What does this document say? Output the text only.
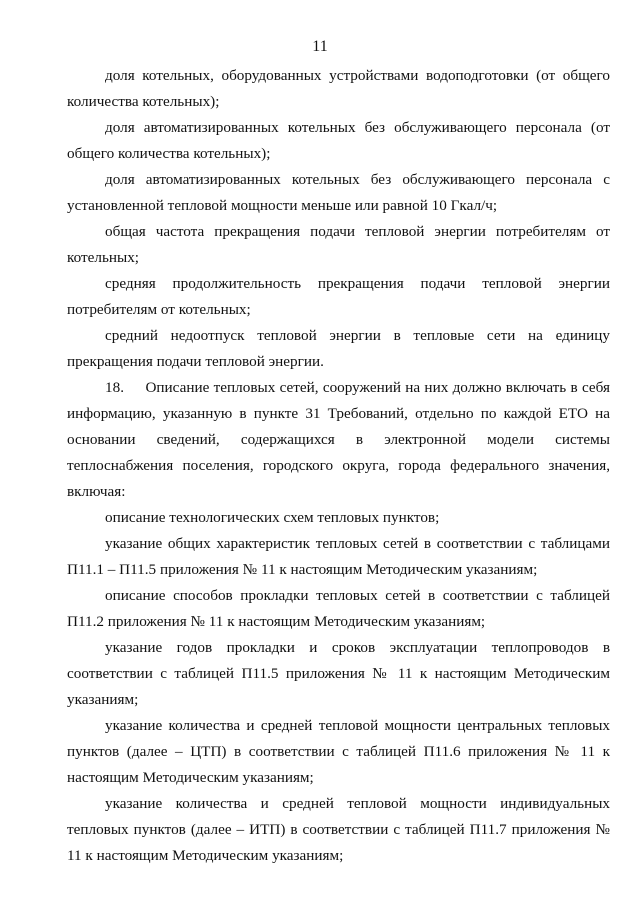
11

доля котельных, оборудованных устройствами водоподготовки (от общего количества котельных);

доля автоматизированных котельных без обслуживающего персонала (от общего количества котельных);

доля автоматизированных котельных без обслуживающего персонала с установленной тепловой мощности меньше или равной 10 Гкал/ч;

общая частота прекращения подачи тепловой энергии потребителям от котельных;

средняя продолжительность прекращения подачи тепловой энергии потребителям от котельных;

средний недоотпуск тепловой энергии в тепловые сети на единицу прекращения подачи тепловой энергии.

18.     Описание тепловых сетей, сооружений на них должно включать в себя информацию, указанную в пункте 31 Требований, отдельно по каждой ЕТО на основании сведений, содержащихся в электронной модели системы теплоснабжения поселения, городского округа, города федерального значения, включая:

описание технологических схем тепловых пунктов;

указание общих характеристик тепловых сетей в соответствии с таблицами П11.1 – П11.5 приложения № 11 к настоящим Методическим указаниям;

описание способов прокладки тепловых сетей в соответствии с таблицей П11.2 приложения № 11 к настоящим Методическим указаниям;

указание годов прокладки и сроков эксплуатации теплопроводов в соответствии с таблицей П11.5 приложения № 11 к настоящим Методическим указаниям;

указание количества и средней тепловой мощности центральных тепловых пунктов (далее – ЦТП) в соответствии с таблицей П11.6 приложения № 11 к настоящим Методическим указаниям;

указание количества и средней тепловой мощности индивидуальных тепловых пунктов (далее – ИТП) в соответствии с таблицей П11.7 приложения № 11 к настоящим Методическим указаниям;
